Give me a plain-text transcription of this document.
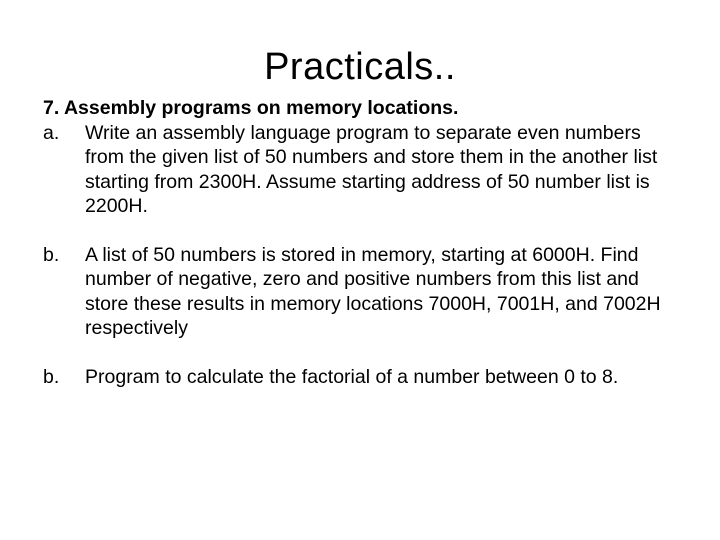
Practicals..

7. Assembly programs on memory locations.

a.	Write an assembly language program to separate even numbers from the given list of 50 numbers and store them in the another list starting from 2300H. Assume starting address of 50 number list is 2200H.
b.	A list of 50 numbers is stored in memory, starting at 6000H. Find number of negative, zero and positive numbers from this list and store these results in memory locations 7000H, 7001H, and 7002H respectively
b.	Program to calculate the factorial of a number between 0 to 8.
